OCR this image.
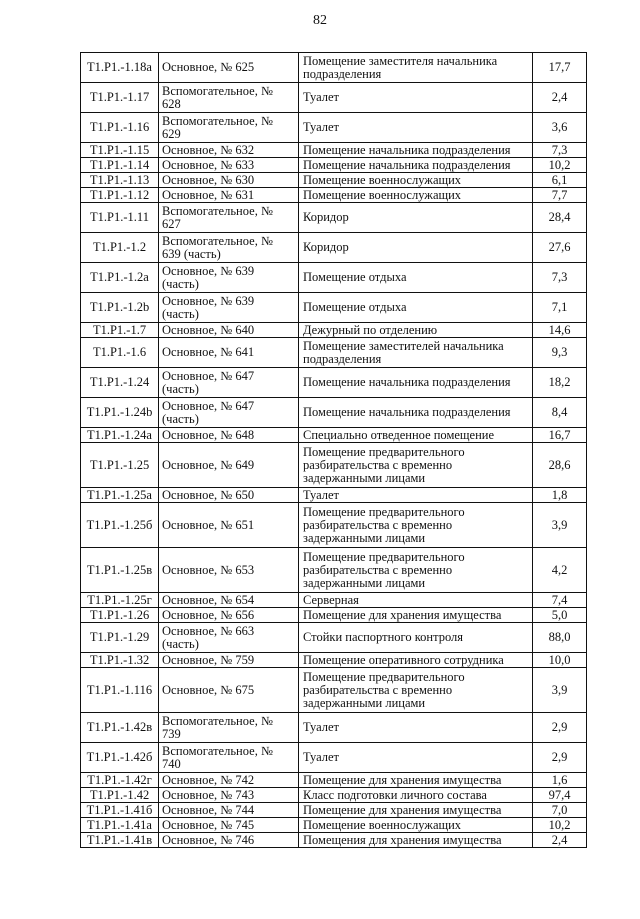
82
Т1.Р1.-1.18а	Основное, № 625	Помещение заместителя начальника подразделения	17,7
Т1.Р1.-1.17	Вспомогательное, № 628	Туалет	2,4
Т1.Р1.-1.16	Вспомогательное, № 629	Туалет	3,6
Т1.Р1.-1.15	Основное, № 632	Помещение начальника подразделения	7,3
Т1.Р1.-1.14	Основное, № 633	Помещение начальника подразделения	10,2
Т1.Р1.-1.13	Основное, № 630	Помещение военнослужащих	6,1
Т1.Р1.-1.12	Основное, № 631	Помещение военнослужащих	7,7
Т1.Р1.-1.11	Вспомогательное, № 627	Коридор	28,4
Т1.Р1.-1.2	Вспомогательное, № 639 (часть)	Коридор	27,6
Т1.Р1.-1.2а	Основное, № 639 (часть)	Помещение отдыха	7,3
Т1.Р1.-1.2b	Основное, № 639 (часть)	Помещение отдыха	7,1
Т1.Р1.-1.7	Основное, № 640	Дежурный по отделению	14,6
Т1.Р1.-1.6	Основное, № 641	Помещение заместителей начальника подразделения	9,3
Т1.Р1.-1.24	Основное, № 647 (часть)	Помещение начальника подразделения	18,2
Т1.Р1.-1.24b	Основное, № 647 (часть)	Помещение начальника подразделения	8,4
Т1.Р1.-1.24а	Основное, № 648	Специально отведенное помещение	16,7
Т1.Р1.-1.25	Основное, № 649	Помещение предварительного разбирательства с временно задержанными лицами	28,6
Т1.Р1.-1.25а	Основное, № 650	Туалет	1,8
Т1.Р1.-1.25б	Основное, № 651	Помещение предварительного разбирательства с временно задержанными лицами	3,9
Т1.Р1.-1.25в	Основное, № 653	Помещение предварительного разбирательства с временно задержанными лицами	4,2
Т1.Р1.-1.25г	Основное, № 654	Серверная	7,4
Т1.Р1.-1.26	Основное, № 656	Помещение для хранения имущества	5,0
Т1.Р1.-1.29	Основное, № 663 (часть)	Стойки паспортного контроля	88,0
Т1.Р1.-1.32	Основное, № 759	Помещение оперативного сотрудника	10,0
Т1.Р1.-1.116	Основное, № 675	Помещение предварительного разбирательства с временно задержанными лицами	3,9
Т1.Р1.-1.42в	Вспомогательное, № 739	Туалет	2,9
Т1.Р1.-1.42б	Вспомогательное, № 740	Туалет	2,9
Т1.Р1.-1.42г	Основное, № 742	Помещение для хранения имущества	1,6
Т1.Р1.-1.42	Основное, № 743	Класс подготовки личного состава	97,4
Т1.Р1.-1.41б	Основное, № 744	Помещение для хранения имущества	7,0
Т1.Р1.-1.41а	Основное, № 745	Помещение военнослужащих	10,2
Т1.Р1.-1.41в	Основное, № 746	Помещения для хранения имущества	2,4
